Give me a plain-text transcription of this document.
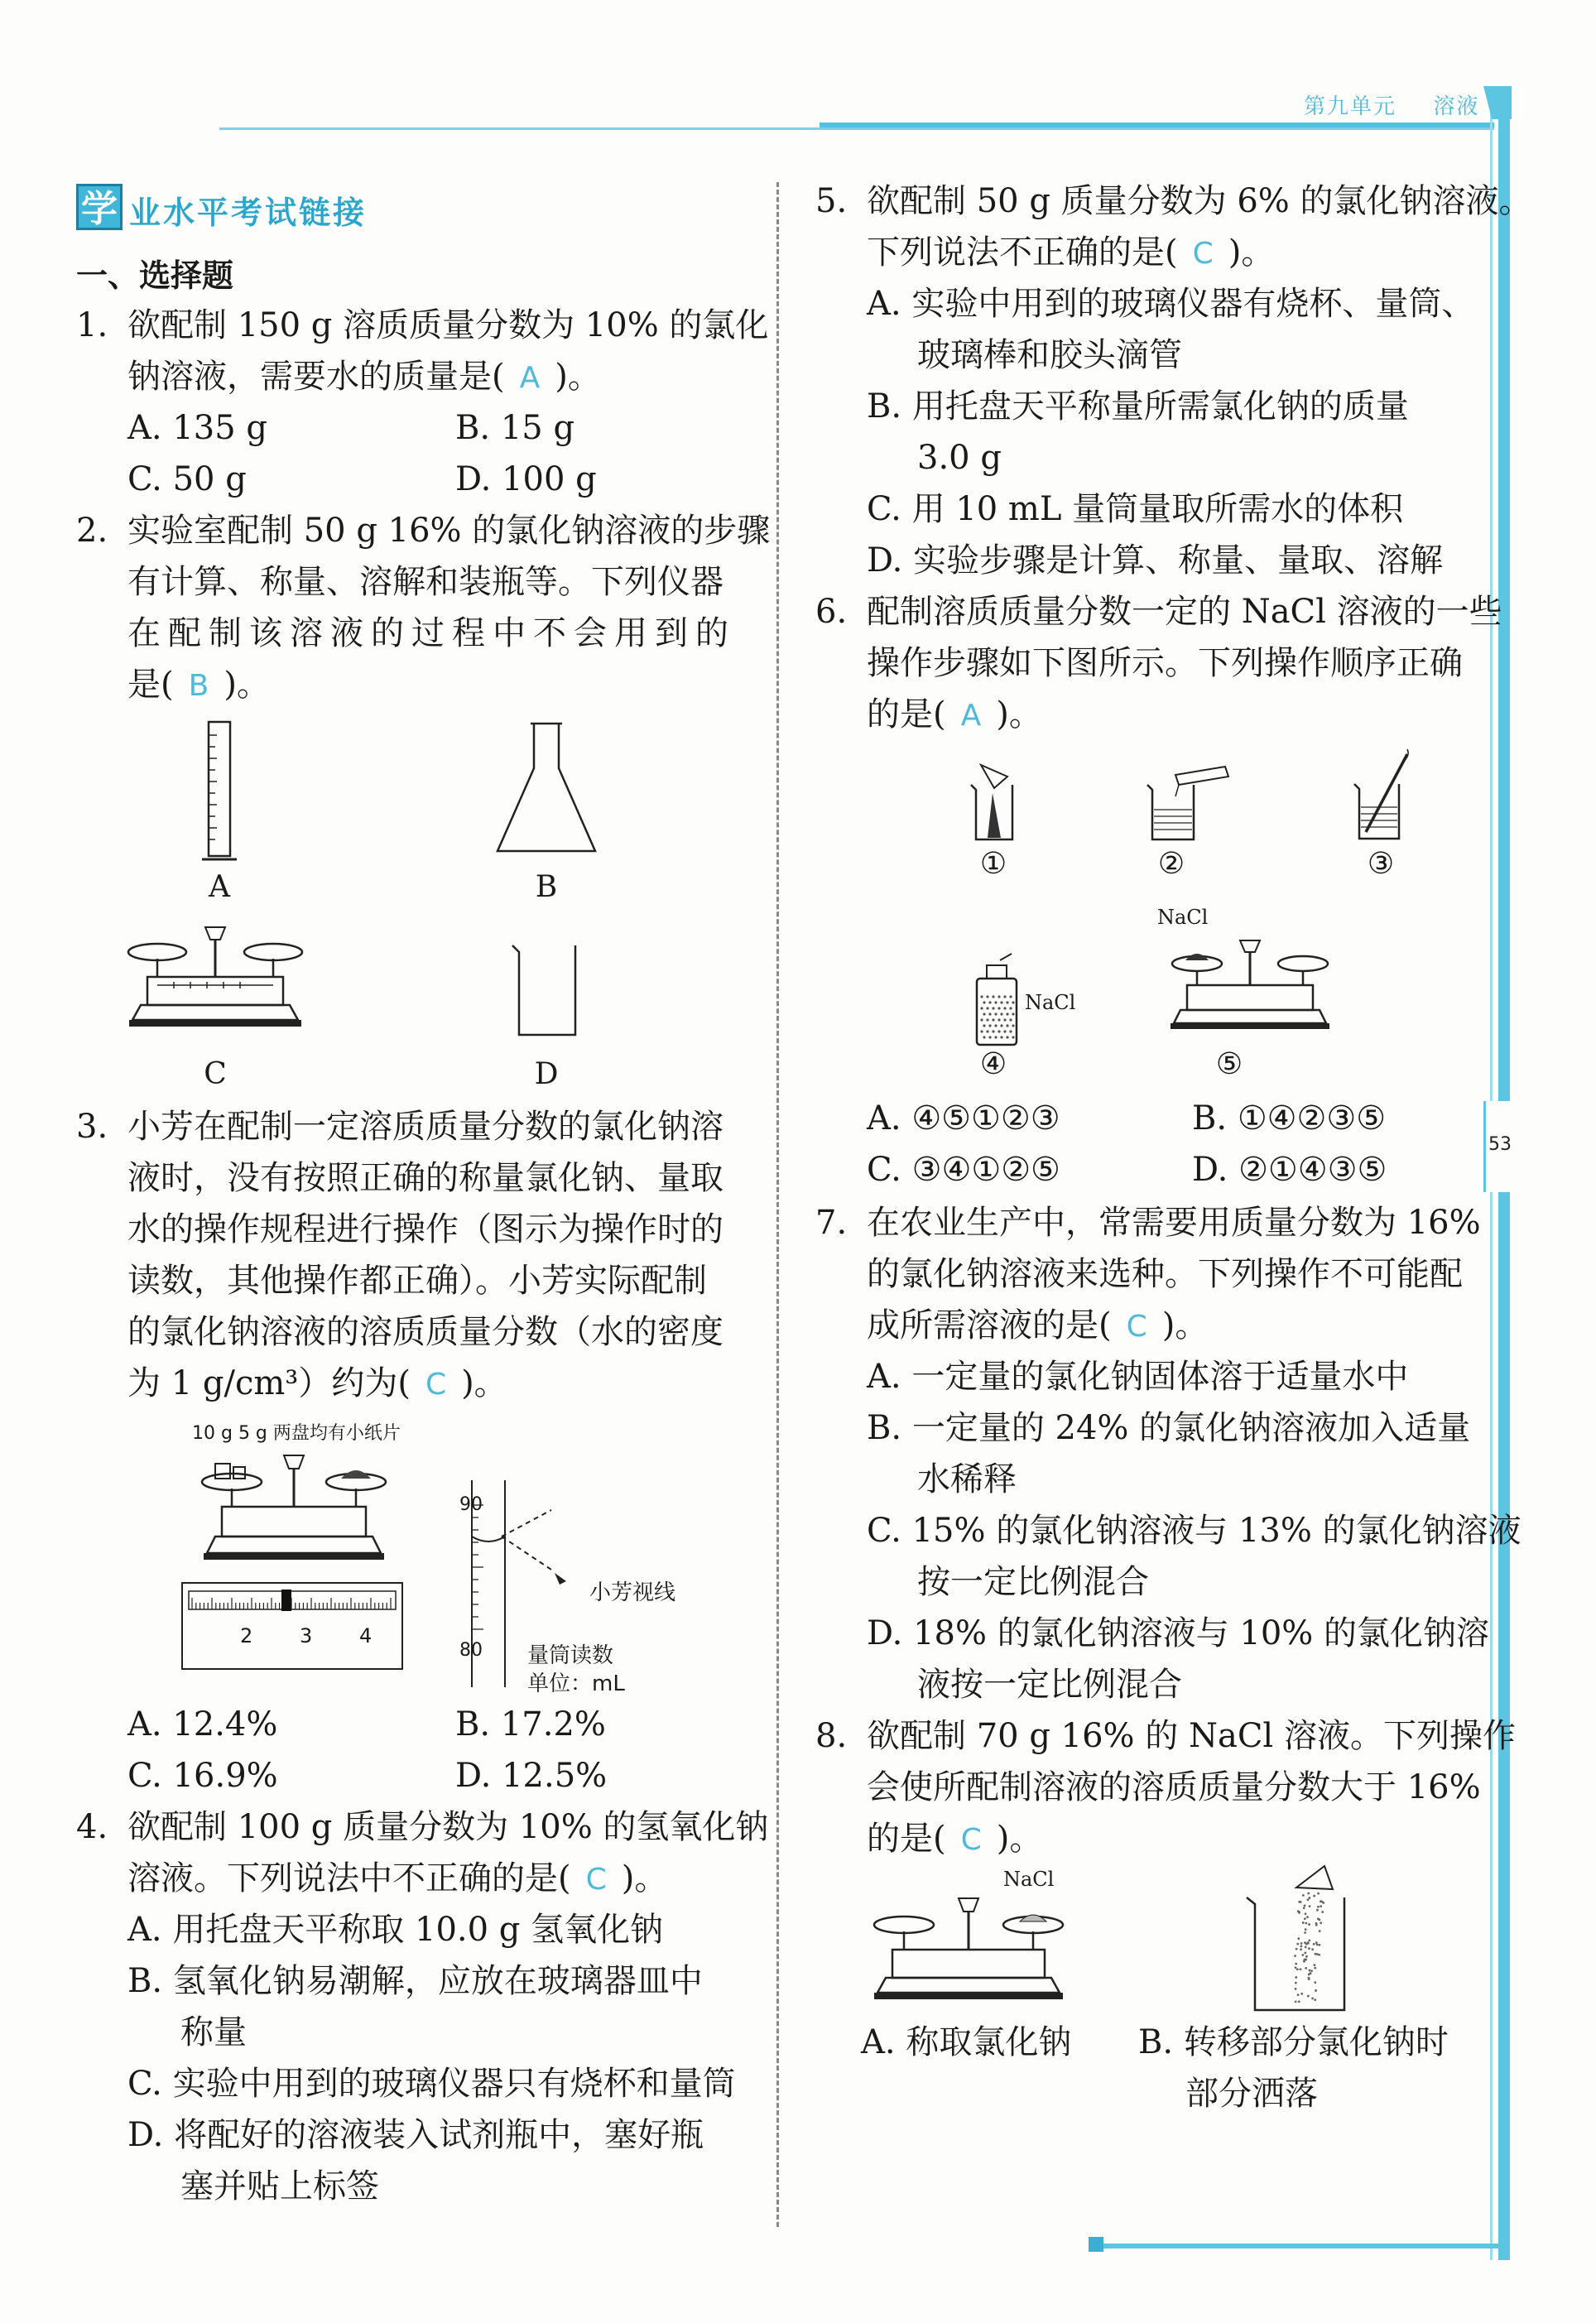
第九单元 溶液
53
学 业水平考试链接
一、选择题
1. 欲配制 150 g 溶质质量分数为 10% 的氯化
钠溶液，需要水的质量是( A )。
A. 135 g	B. 15 g
C. 50 g	D. 100 g
2. 实验室配制 50 g 16% 的氯化钠溶液的步骤
有计算、称量、溶解和装瓶等。下列仪器
在配制该溶液的过程中不会用到的
是( B )。
A	B
C	D
3. 小芳在配制一定溶质质量分数的氯化钠溶
液时，没有按照正确的称量氯化钠、量取
水的操作规程进行操作（图示为操作时的
读数，其他操作都正确）。小芳实际配制
的氯化钠溶液的溶质质量分数（水的密度
为 1 g/cm³）约为( C )。
10 g 5 g 两盘均有小纸片
2 3 4
90
80
小芳视线
量筒读数
单位：mL
A. 12.4%	B. 17.2%
C. 16.9%	D. 12.5%
4. 欲配制 100 g 质量分数为 10% 的氢氧化钠
溶液。下列说法中不正确的是( C )。
A. 用托盘天平称取 10.0 g 氢氧化钠
B. 氢氧化钠易潮解，应放在玻璃器皿中
称量
C. 实验中用到的玻璃仪器只有烧杯和量筒
D. 将配好的溶液装入试剂瓶中，塞好瓶
塞并贴上标签
5. 欲配制 50 g 质量分数为 6% 的氯化钠溶液。
下列说法不正确的是( C )。
A. 实验中用到的玻璃仪器有烧杯、量筒、
玻璃棒和胶头滴管
B. 用托盘天平称量所需氯化钠的质量
3.0 g
C. 用 10 mL 量筒量取所需水的体积
D. 实验步骤是计算、称量、量取、溶解
6. 配制溶质质量分数一定的 NaCl 溶液的一些
操作步骤如下图所示。下列操作顺序正确
的是( A )。
①	②	③
NaCl
④
NaCl
⑤
A. ④⑤①②③	B. ①④②③⑤
C. ③④①②⑤	D. ②①④③⑤
7. 在农业生产中，常需要用质量分数为 16%
的氯化钠溶液来选种。下列操作不可能配
成所需溶液的是( C )。
A. 一定量的氯化钠固体溶于适量水中
B. 一定量的 24% 的氯化钠溶液加入适量
水稀释
C. 15% 的氯化钠溶液与 13% 的氯化钠溶液
按一定比例混合
D. 18% 的氯化钠溶液与 10% 的氯化钠溶
液按一定比例混合
8. 欲配制 70 g 16% 的 NaCl 溶液。下列操作
会使所配制溶液的溶质质量分数大于 16%
的是( C )。
NaCl
A. 称取氯化钠 B. 转移部分氯化钠时
部分洒落
